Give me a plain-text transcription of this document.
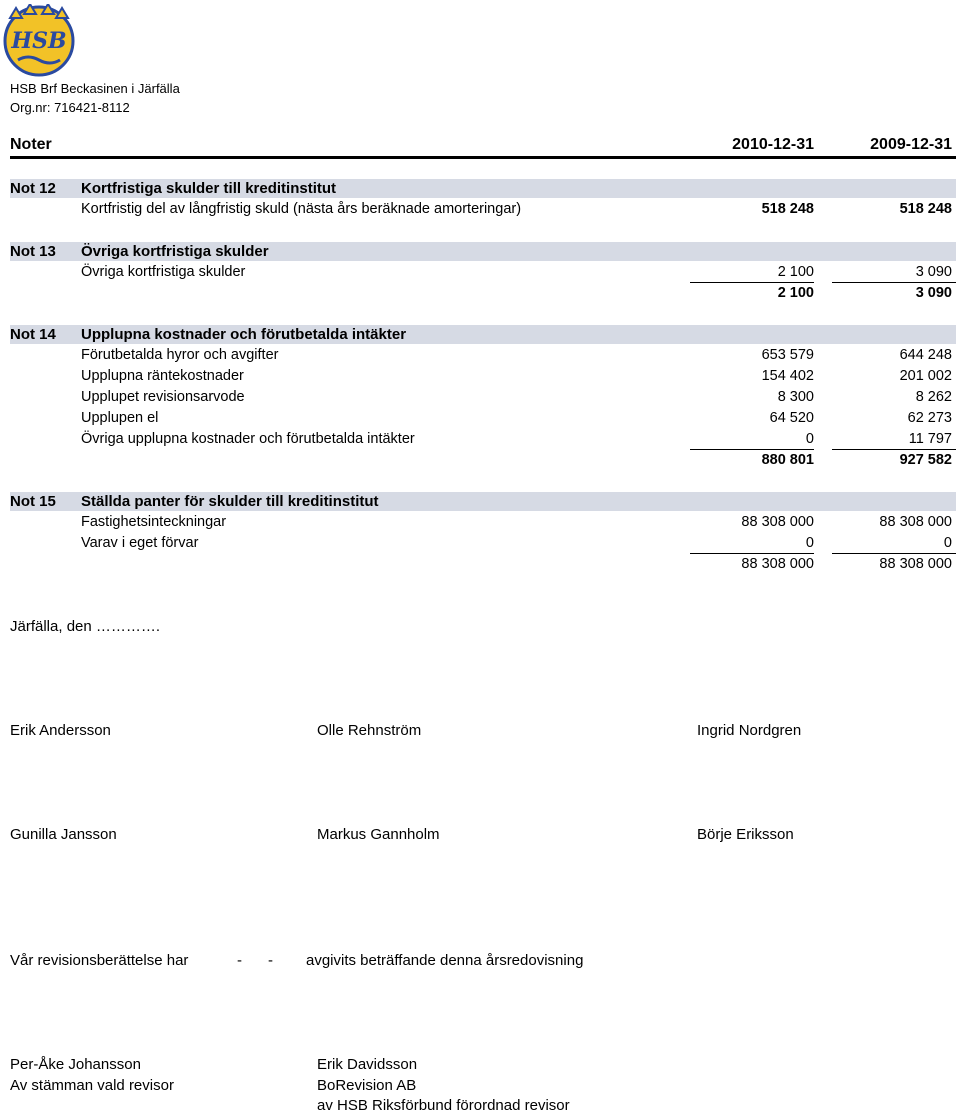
HSB
HSB Brf Beckasinen i Järfälla
Org.nr: 716421-8112
Noter	2010-12-31	2009-12-31
Not 12 Kortfristiga skulder till kreditinstitut
Kortfristig del av långfristig skuld (nästa års beräknade amorteringar)	518 248	518 248
Not 13 Övriga kortfristiga skulder
Övriga kortfristiga skulder	2 100	3 090
2 100	3 090
Not 14 Upplupna kostnader och förutbetalda intäkter
Förutbetalda hyror och avgifter	653 579	644 248
Upplupna räntekostnader	154 402	201 002
Upplupet revisionsarvode	8 300	8 262
Upplupen el	64 520	62 273
Övriga upplupna kostnader och förutbetalda intäkter	0	11 797
880 801	927 582
Not 15 Ställda panter för skulder till kreditinstitut
Fastighetsinteckningar	88 308 000	88 308 000
Varav i eget förvar	0	0
88 308 000	88 308 000
Järfälla, den ………….
Erik Andersson	Olle Rehnström	Ingrid Nordgren
Gunilla Jansson	Markus Gannholm	Börje Eriksson
Vår revisionsberättelse har	- - avgivits beträffande denna årsredovisning
Per-Åke Johansson
Av stämman vald revisor
Erik Davidsson
BoRevision AB
av HSB Riksförbund förordnad revisor
